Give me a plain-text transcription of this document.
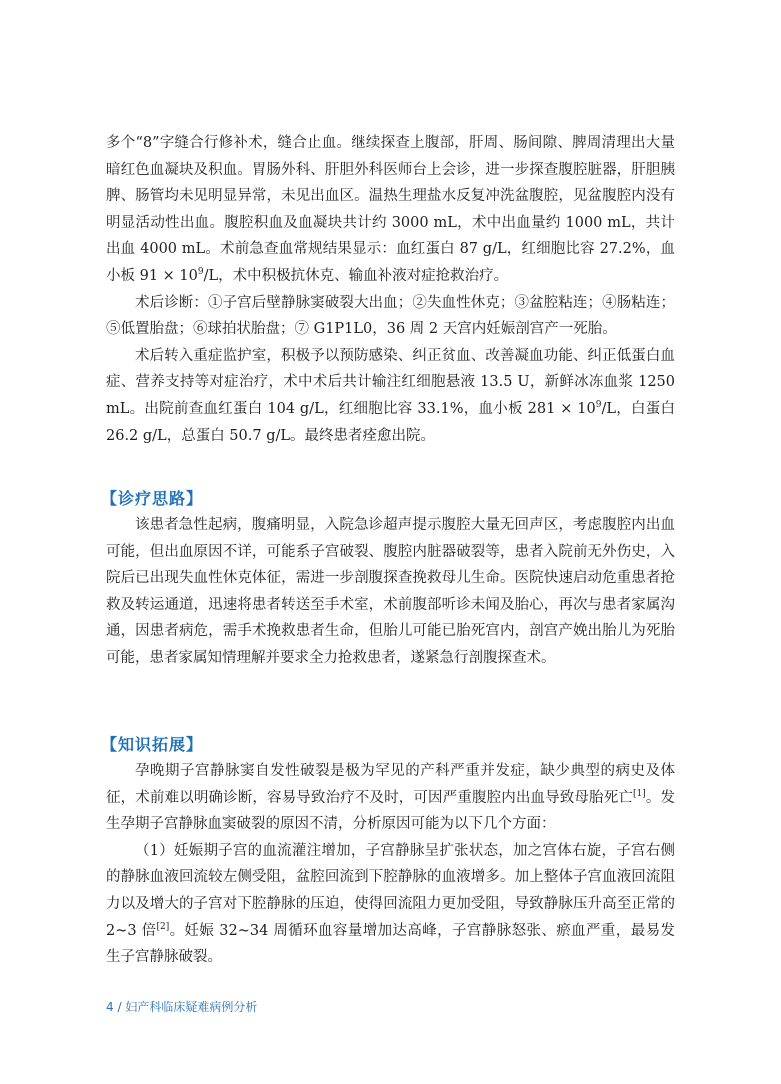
多个“8”字缝合行修补术，缝合止血。继续探查上腹部，肝周、肠间隙、脾周清理出大量暗红色血凝块及积血。胃肠外科、肝胆外科医师台上会诊，进一步探查腹腔脏器，肝胆胰脾、肠管均未见明显异常，未见出血区。温热生理盐水反复冲洗盆腹腔，见盆腹腔内没有明显活动性出血。腹腔积血及血凝块共计约 3000 mL，术中出血量约 1000 mL，共计出血 4000 mL。术前急查血常规结果显示：血红蛋白 87 g/L，红细胞比容 27.2%，血小板 $91 \times 10^9/L$，术中积极抗休克、输血补液对症抢救治疗。

术后诊断：①子宫后壁静脉窦破裂大出血；②失血性休克；③盆腔粘连；④肠粘连；⑤低置胎盘；⑥球拍状胎盘；⑦ G1P1L0，36 周 2 天宫内妊娠剖宫产一死胎。

术后转入重症监护室，积极予以预防感染、纠正贫血、改善凝血功能、纠正低蛋白血症、营养支持等对症治疗，术中术后共计输注红细胞悬液 13.5 U，新鲜冰冻血浆 1250 mL。出院前查血红蛋白 104 g/L，红细胞比容 33.1%，血小板 $281 \times 10^9/L$，白蛋白 26.2 g/L，总蛋白 50.7 g/L。最终患者痊愈出院。

【诊疗思路】

该患者急性起病，腹痛明显，入院急诊超声提示腹腔大量无回声区，考虑腹腔内出血可能，但出血原因不详，可能系子宫破裂、腹腔内脏器破裂等，患者入院前无外伤史，入院后已出现失血性休克体征，需进一步剖腹探查挽救母儿生命。医院快速启动危重患者抢救及转运通道，迅速将患者转送至手术室，术前腹部听诊未闻及胎心，再次与患者家属沟通，因患者病危，需手术挽救患者生命，但胎儿可能已胎死宫内，剖宫产娩出胎儿为死胎可能，患者家属知情理解并要求全力抢救患者，遂紧急行剖腹探查术。

【知识拓展】

孕晚期子宫静脉窦自发性破裂是极为罕见的产科严重并发症，缺少典型的病史及体征，术前难以明确诊断，容易导致治疗不及时，可因严重腹腔内出血导致母胎死亡[1]。发生孕期子宫静脉血窦破裂的原因不清，分析原因可能为以下几个方面：

（1）妊娠期子宫的血流灌注增加，子宫静脉呈扩张状态，加之宫体右旋，子宫右侧的静脉血液回流较左侧受阻，盆腔回流到下腔静脉的血液增多。加上整体子宫血液回流阻力以及增大的子宫对下腔静脉的压迫，使得回流阻力更加受阻，导致静脉压升高至正常的 2~3 倍[2]。妊娠 32~34 周循环血容量增加达高峰，子宫静脉怒张、瘀血严重，最易发生子宫静脉破裂。

4 / 妇产科临床疑难病例分析
